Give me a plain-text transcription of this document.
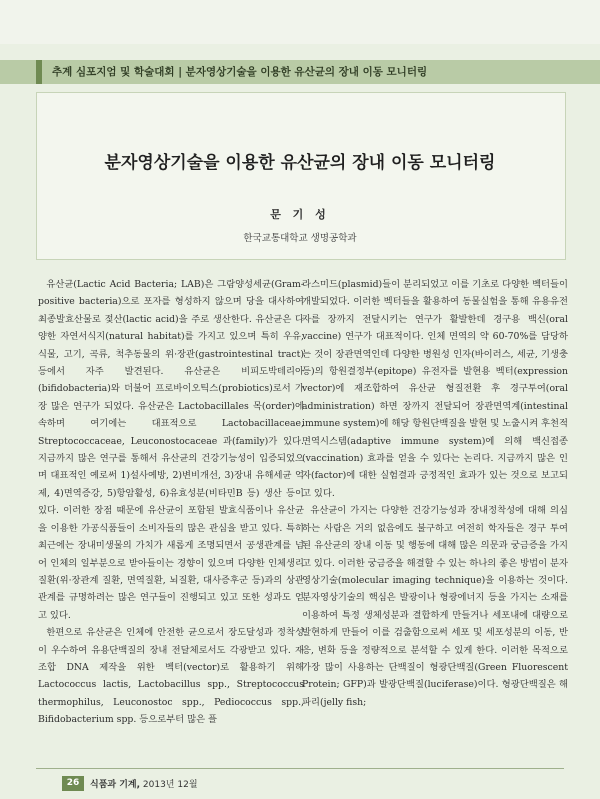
추계 심포지엄 및 학술대회 | 분자영상기술을 이용한 유산균의 장내 이동 모니터링
분자영상기술을 이용한 유산균의 장내 이동 모니터링
문 기 성
한국교통대학교 생명공학과

유산균(Lactic Acid Bacteria; LAB)은 그람양성세균(Gram-positive bacteria)으로 포자를 형성하지 않으며 당을 대사하여 최종발효산물로 젖산(lactic acid)을 주로 생산한다. 유산균은 다양한 자연서식지(natural habitat)를 가지고 있으며 특히 우유, 식물, 고기, 곡류, 척추동물의 위·장관(gastrointestinal tract) 등에서 자주 발견된다. 유산균은 비피도박테리아(bifidobacteria)와 더불어 프로바이오틱스(probiotics)로서 가장 많은 연구가 되었다. 유산균은 Lactobacillales 목(order)에 속하며 여기에는 대표적으로 Lactobacillaceae, Streptococcaceae, Leuconostocaceae 과(family)가 있다. 지금까지 많은 연구를 통해서 유산균의 건강기능성이 입증되었으며 대표적인 예로써 1)설사예방, 2)변비개선, 3)장내 유해세균 억제, 4)면역증강, 5)항암활성, 6)유효성분(비타민B 등) 생산 등이 있다. 이러한 장점 때문에 유산균이 포함된 발효식품이나 유산균을 이용한 가공식품들이 소비자들의 많은 관심을 받고 있다. 특히 최근에는 장내미생물의 가치가 새롭게 조명되면서 공생관계를 넘어 인체의 일부분으로 받아들이는 경향이 있으며 다양한 인체생리질환(위·장관계 질환, 면역질환, 뇌질환, 대사증후군 등)과의 상관관계를 규명하려는 많은 연구들이 진행되고 있고 또한 성과도 얻고 있다.

한편으로 유산균은 인체에 안전한 균으로서 장도달성과 정착성이 우수하여 유용단백질의 장내 전달체로서도 각광받고 있다. 재조합 DNA 제작을 위한 벡터(vector)로 활용하기 위해 Lactococcus lactis, Lactobacillus spp., Streptococcus thermophilus, Leuconostoc spp., Pediococcus spp., Bifidobacterium spp. 등으로부터 많은 플

라스미드(plasmid)들이 분리되었고 이를 기초로 다양한 벡터들이 개발되었다. 이러한 벡터들을 활용하여 동물실험을 통해 유용유전자를 장까지 전달시키는 연구가 활발한데 경구용 백신(oral vaccine) 연구가 대표적이다. 인체 면역의 약 60-70%를 담당하는 것이 장관면역인데 다양한 병원성 인자(바이러스, 세균, 기생충 등)의 항원결정부(epitope) 유전자를 발현용 벡터(expression vector)에 재조합하여 유산균 형질전환 후 경구투여(oral administration) 하면 장까지 전달되어 장관면역계(intestinal immune system)에 해당 항원단백질을 발현 및 노출시켜 후천적 면역시스템(adaptive immune system)에 의해 백신접종(vaccination) 효과를 얻을 수 있다는 논리다. 지금까지 많은 인자(factor)에 대한 실험결과 긍정적인 효과가 있는 것으로 보고되고 있다.

유산균이 가지는 다양한 건강기능성과 장내정착성에 대해 의심하는 사람은 거의 없음에도 불구하고 여전히 학자들은 경구 투여된 유산균의 장내 이동 및 행동에 대해 많은 의문과 궁금증을 가지고 있다. 이러한 궁금증을 해결할 수 있는 하나의 좋은 방법이 분자영상기술(molecular imaging technique)을 이용하는 것이다. 분자영상기술의 핵심은 발광이나 형광에너지 등을 가지는 소재를 이용하여 특정 생체성분과 결합하게 만들거나 세포내에 대량으로 발현하게 만들어 이를 검출함으로써 세포 및 세포성분의 이동, 반응, 변화 등을 정량적으로 분석할 수 있게 한다. 이러한 목적으로 가장 많이 사용하는 단백질이 형광단백질(Green Fluorescent Protein; GFP)과 발광단백질(luciferase)이다. 형광단백질은 해파리(jelly fish;

26	식품과 기계, 2013년 12월
